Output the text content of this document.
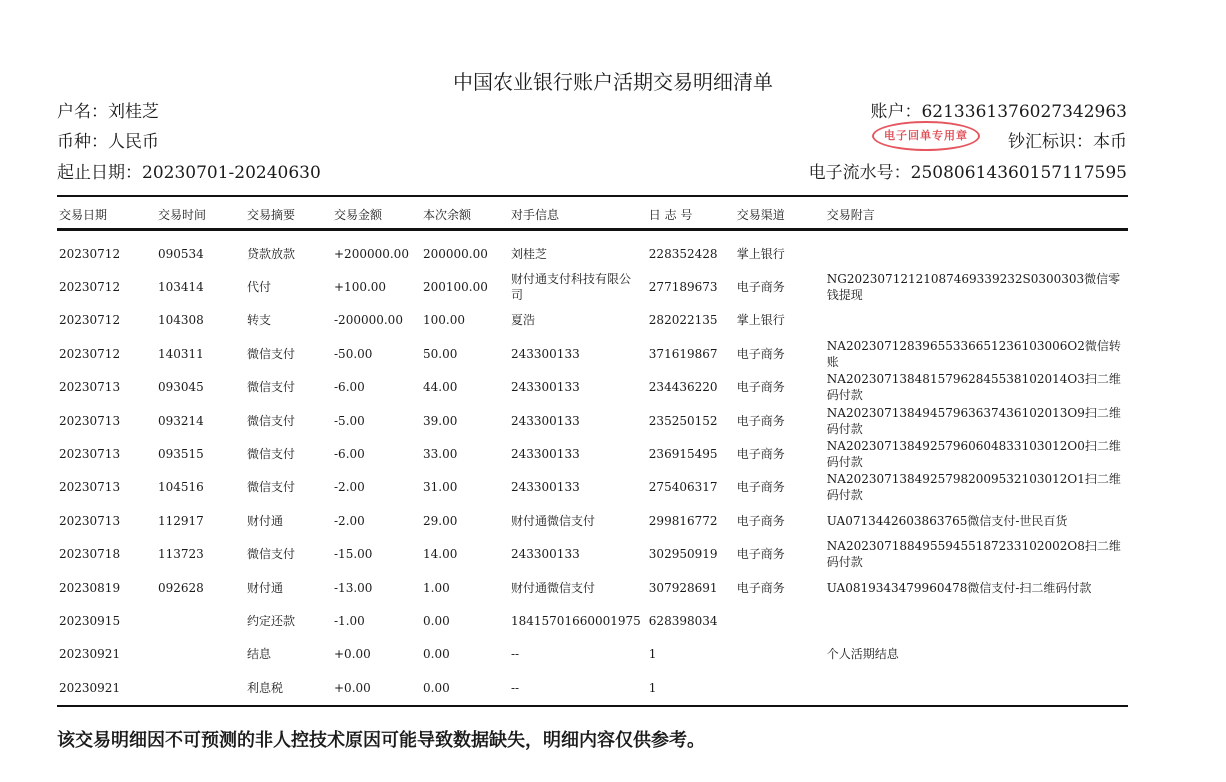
中国农业银行账户活期交易明细清单
户名：刘桂芝
币种：人民币
起止日期：20230701-20240630
账户：6213361376027342963
钞汇标识：本币
电子流水号：25080614360157117595
电子回单专用章
交易日期	交易时间	交易摘要	交易金额	本次余额	对手信息	日 志 号	交易渠道	交易附言
20230712	090534	贷款放款	+200000.00	200000.00	刘桂芝	228352428	掌上银行	
20230712	103414	代付	+100.00	200100.00	财付通支付科技有限公司	277189673	电子商务	NG20230712121087469339232S0300303微信零钱提现
20230712	104308	转支	-200000.00	100.00	夏浩	282022135	掌上银行	
20230712	140311	微信支付	-50.00	50.00	243300133	371619867	电子商务	NA20230712839655336651236103006O2微信转账
20230713	093045	微信支付	-6.00	44.00	243300133	234436220	电子商务	NA20230713848157962845538102014O3扫二维码付款
20230713	093214	微信支付	-5.00	39.00	243300133	235250152	电子商务	NA20230713849457963637436102013O9扫二维码付款
20230713	093515	微信支付	-6.00	33.00	243300133	236915495	电子商务	NA20230713849257960604833103012O0扫二维码付款
20230713	104516	微信支付	-2.00	31.00	243300133	275406317	电子商务	NA20230713849257982009532103012O1扫二维码付款
20230713	112917	财付通	-2.00	29.00	财付通微信支付	299816772	电子商务	UA0713442603863765微信支付-世民百货
20230718	113723	微信支付	-15.00	14.00	243300133	302950919	电子商务	NA20230718849559455187233102002O8扫二维码付款
20230819	092628	财付通	-13.00	1.00	财付通微信支付	307928691	电子商务	UA0819343479960478微信支付-扫二维码付款
20230915		约定还款	-1.00	0.00	18415701660001975	628398034		
20230921		结息	+0.00	0.00	--	1		个人活期结息
20230921		利息税	+0.00	0.00	--	1		
该交易明细因不可预测的非人控技术原因可能导致数据缺失，明细内容仅供参考。
